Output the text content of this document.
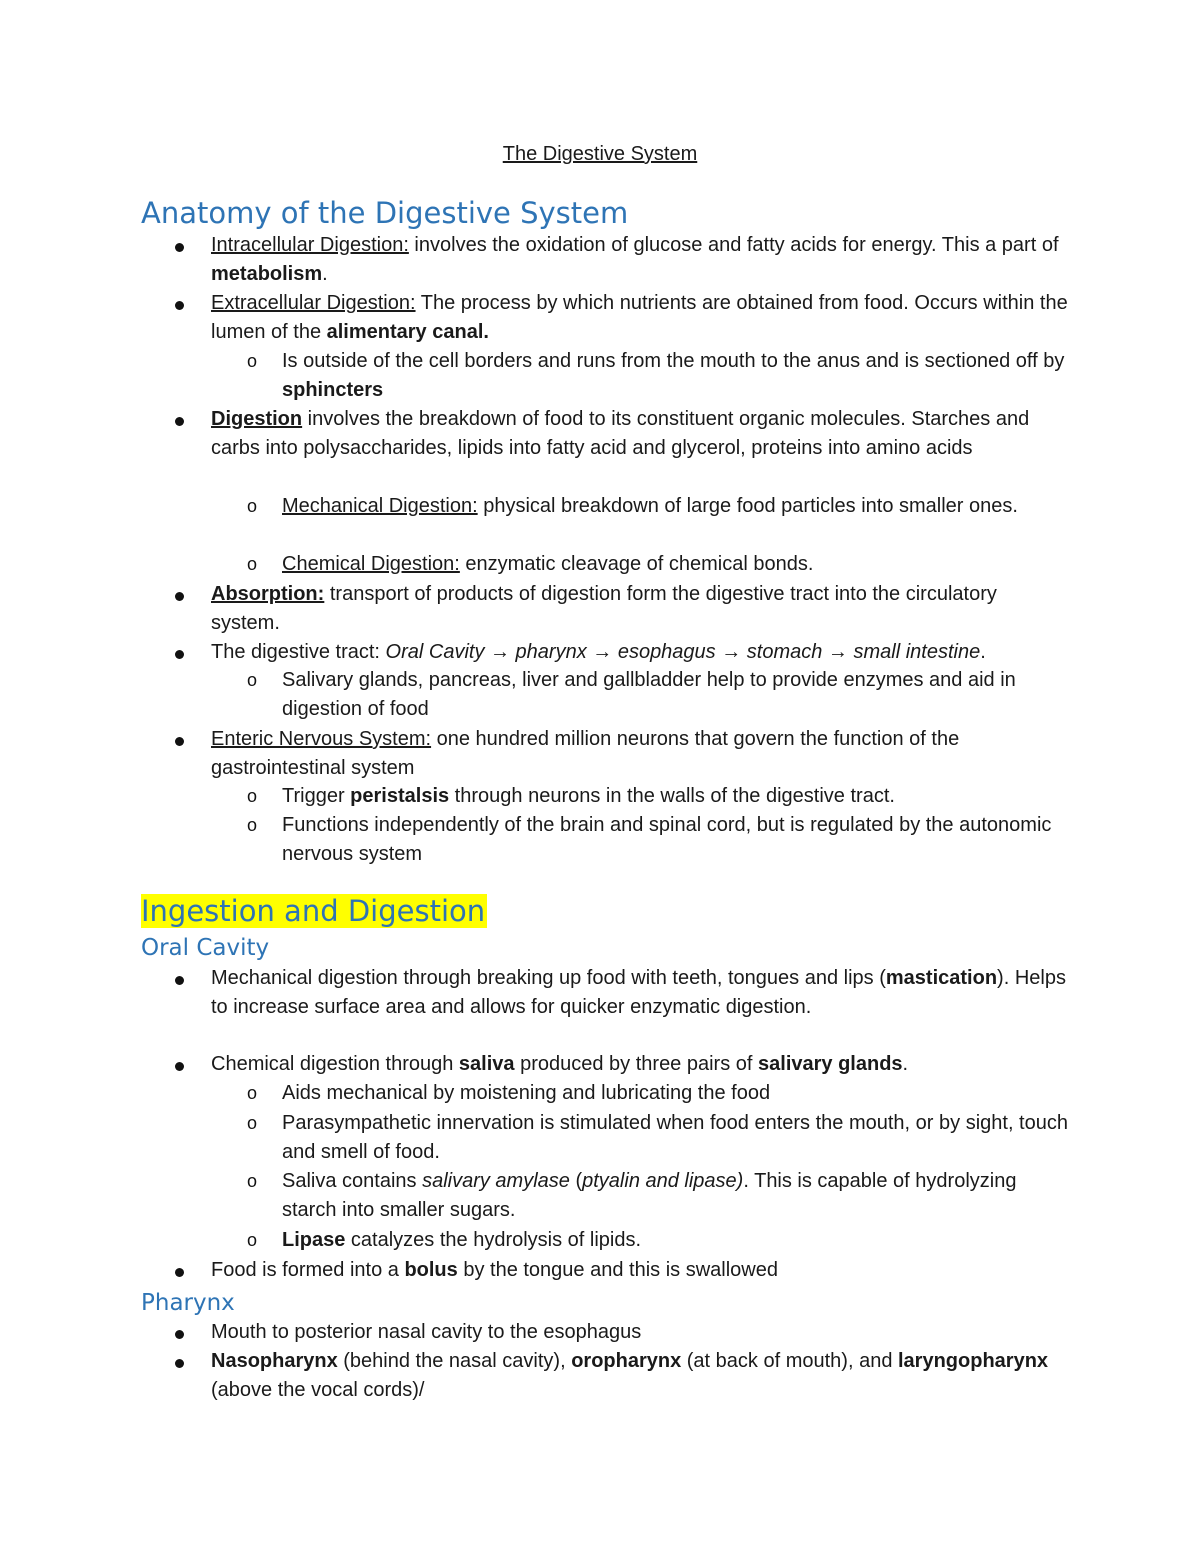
The Digestive System
Anatomy of the Digestive System
Intracellular Digestion: involves the oxidation of glucose and fatty acids for energy. This a part of metabolism.
Extracellular Digestion: The process by which nutrients are obtained from food. Occurs within the lumen of the alimentary canal.
o Is outside of the cell borders and runs from the mouth to the anus and is sectioned off by sphincters
Digestion involves the breakdown of food to its constituent organic molecules. Starches and carbs into polysaccharides, lipids into fatty acid and glycerol, proteins into amino acids
o Mechanical Digestion: physical breakdown of large food particles into smaller ones.
o Chemical Digestion: enzymatic cleavage of chemical bonds.
Absorption: transport of products of digestion form the digestive tract into the circulatory system.
The digestive tract: Oral Cavity → pharynx → esophagus → stomach → small intestine.
o Salivary glands, pancreas, liver and gallbladder help to provide enzymes and aid in digestion of food
Enteric Nervous System: one hundred million neurons that govern the function of the gastrointestinal system
o Trigger peristalsis through neurons in the walls of the digestive tract.
o Functions independently of the brain and spinal cord, but is regulated by the autonomic nervous system
Ingestion and Digestion
Oral Cavity
Mechanical digestion through breaking up food with teeth, tongues and lips (mastication). Helps to increase surface area and allows for quicker enzymatic digestion.
Chemical digestion through saliva produced by three pairs of salivary glands.
o Aids mechanical by moistening and lubricating the food
o Parasympathetic innervation is stimulated when food enters the mouth, or by sight, touch and smell of food.
o Saliva contains salivary amylase (ptyalin and lipase). This is capable of hydrolyzing starch into smaller sugars.
o Lipase catalyzes the hydrolysis of lipids.
Food is formed into a bolus by the tongue and this is swallowed
Pharynx
Mouth to posterior nasal cavity to the esophagus
Nasopharynx (behind the nasal cavity), oropharynx (at back of mouth), and laryngopharynx (above the vocal cords)/
